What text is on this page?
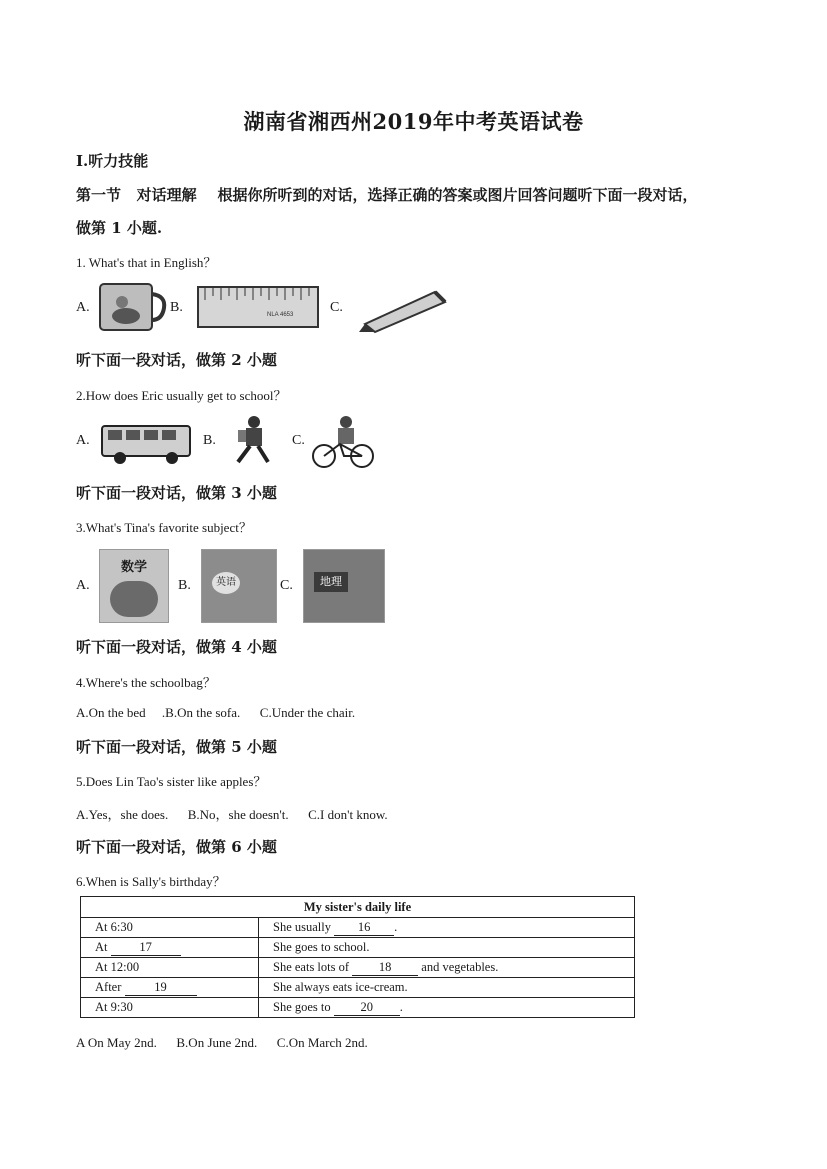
湖南省湘西州2019年中考英语试卷
I.听力技能
第一节   对话理解    根据你所听到的对话，选择正确的答案或图片回答问题听下面一段对话，
做第 1 小题.
1. What's that in English？
A.	B.	NLA 4653	C.
听下面一段对话，做第 2 小题
2.How does Eric usually get to school？
A.	B.	C.
听下面一段对话，做第 3 小题
3.What's Tina's favorite subject？
A.
数学
B.	英语	C.	地理
听下面一段对话，做第 4 小题
4.Where's the schoolbag？
A.On the bed     .B.On the sofa.      C.Under the chair.
听下面一段对话，做第 5 小题
5.Does Lin Tao's sister like apples？
A.Yes，she does.      B.No，she doesn't.      C.I don't know.
听下面一段对话，做第 6 小题
6.When is Sally's birthday？
My sister's daily life	
At 6:30	She usually 16 .
At 17	She goes to school.
At 12:00	She eats lots of 18 and vegetables.
After 19	She always eats ice-cream.
At 9:30	She goes to 20 .
A On May 2nd.      B.On June 2nd.      C.On March 2nd.
